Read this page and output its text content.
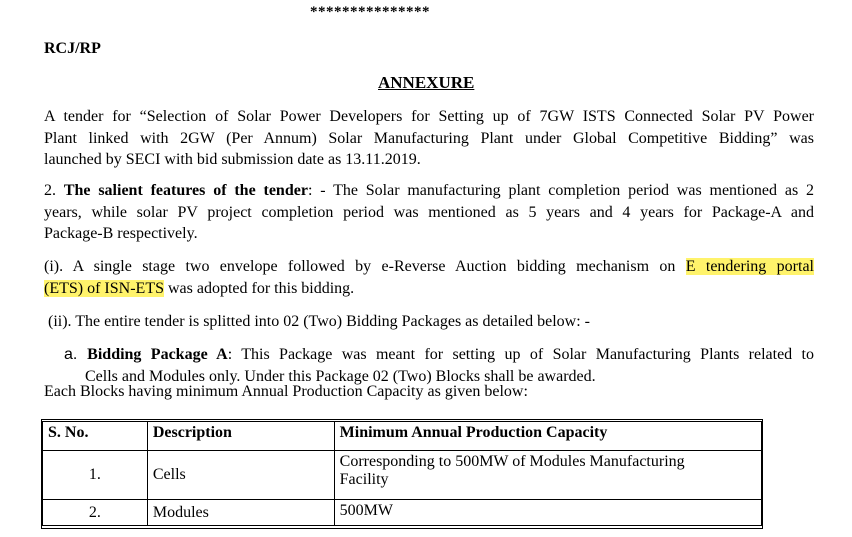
***************
RCJ/RP
ANNEXURE
A tender for “Selection of Solar Power Developers for Setting up of 7GW ISTS Connected Solar PV Power
Plant linked with 2GW (Per Annum) Solar Manufacturing Plant under Global Competitive Bidding” was
launched by SECI with bid submission date as 13.11.2019.
2. The salient features of the tender: - The Solar manufacturing plant completion period was mentioned as 2
years, while solar PV project completion period was mentioned as 5 years and 4 years for Package-A and
Package-B respectively.
(i). A single stage two envelope followed by e-Reverse Auction bidding mechanism on E tendering portal
(ETS) of ISN-ETS was adopted for this bidding.
(ii). The entire tender is splitted into 02 (Two) Bidding Packages as detailed below: -
a. Bidding Package A: This Package was meant for setting up of Solar Manufacturing Plants related to
Cells and Modules only. Under this Package 02 (Two) Blocks shall be awarded.
Each Blocks having minimum Annual Production Capacity as given below:
S. No.	Description	Minimum Annual Production Capacity
1.	Cells	Corresponding to 500MW of Modules Manufacturing
Facility

2.	Modules	500MW
